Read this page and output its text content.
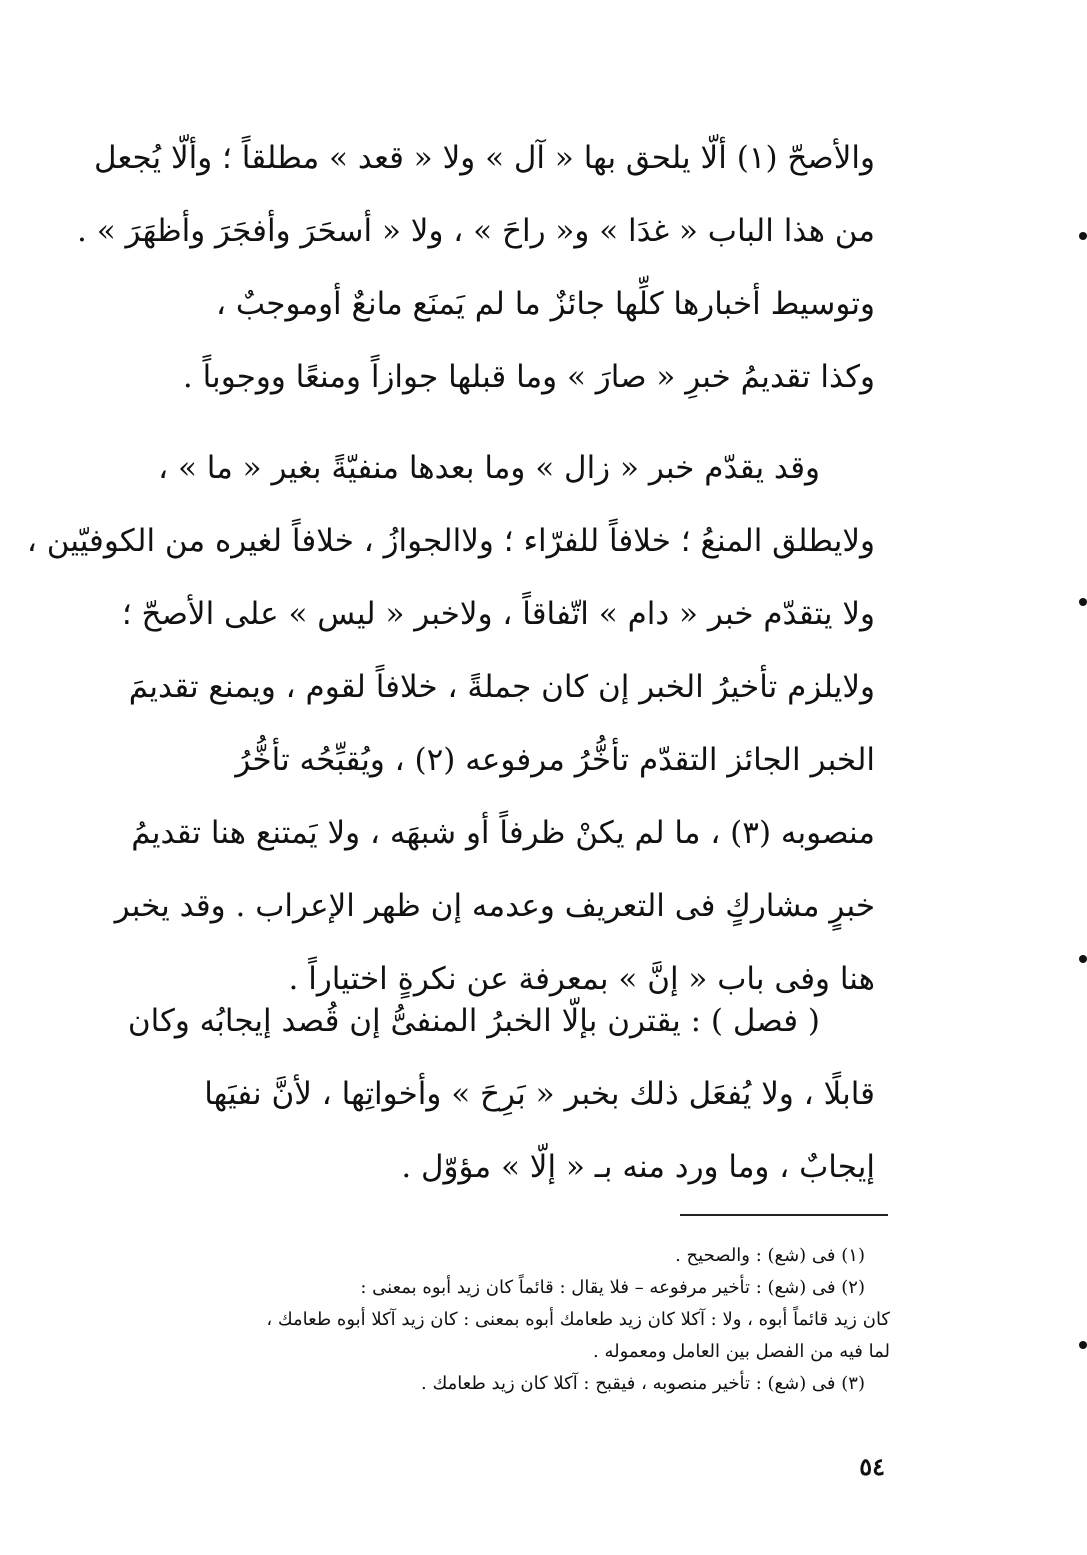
والأصحّ (١) ألّا يلحق بها « آل » ولا « قعد » مطلقاً ؛ وألّا يُجعل
من هذا الباب « غدَا » و« راحَ » ، ولا « أسحَرَ وأفجَرَ وأظهَرَ » .
وتوسيط أخبارها كلِّها جائزٌ ما لم يَمنَع مانعٌ أوموجبٌ ،
وكذا تقديمُ خبرِ « صارَ » وما قبلها جوازاً ومنعًا ووجوباً .
وقد يقدّم خبر « زال » وما بعدها منفيّةً بغير « ما » ،
ولايطلق المنعُ ؛ خلافاً للفرّاء ؛ ولاالجوازُ ، خلافاً لغيره من الكوفيّين ،
ولا يتقدّم خبر « دام » اتّفاقاً ، ولاخبر « ليس » على الأصحّ ؛
ولايلزم تأخيرُ الخبر إن كان جملةً ، خلافاً لقوم ، ويمنع تقديمَ
الخبر الجائز التقدّم تأخُّرُ مرفوعه (٢) ، ويُقبِّحُه تأخُّرُ
منصوبه (٣) ، ما لم يكنْ ظرفاً أو شبهَه ، ولا يَمتنع هنا تقديمُ
خبرٍ مشاركٍ فى التعريف وعدمه إن ظهر الإعراب . وقد يخبر
هنا وفى باب « إنَّ » بمعرفة عن نكرةٍ اختياراً .
( فصل ) : يقترن بإلّا الخبرُ المنفىُّ إن قُصد إيجابُه وكان
قابلًا ، ولا يُفعَل ذلك بخبر « بَرِحَ » وأخواتِها ، لأنَّ نفيَها
إيجابٌ ، وما ورد منه بـ « إلّا » مؤوّل .
(١) فى (شع) : والصحيح .
(٢) فى (شع) : تأخير مرفوعه – فلا يقال : قائماً كان زيد أبوه بمعنى :
كان زيد قائماً أبوه ، ولا : آكلا كان زيد طعامك أبوه بمعنى : كان زيد آكلا أبوه طعامك ،
لما فيه من الفصل بين العامل ومعموله .
(٣) فى (شع) : تأخير منصوبه ، فيقبح : آكلا كان زيد طعامك .
٥٤
